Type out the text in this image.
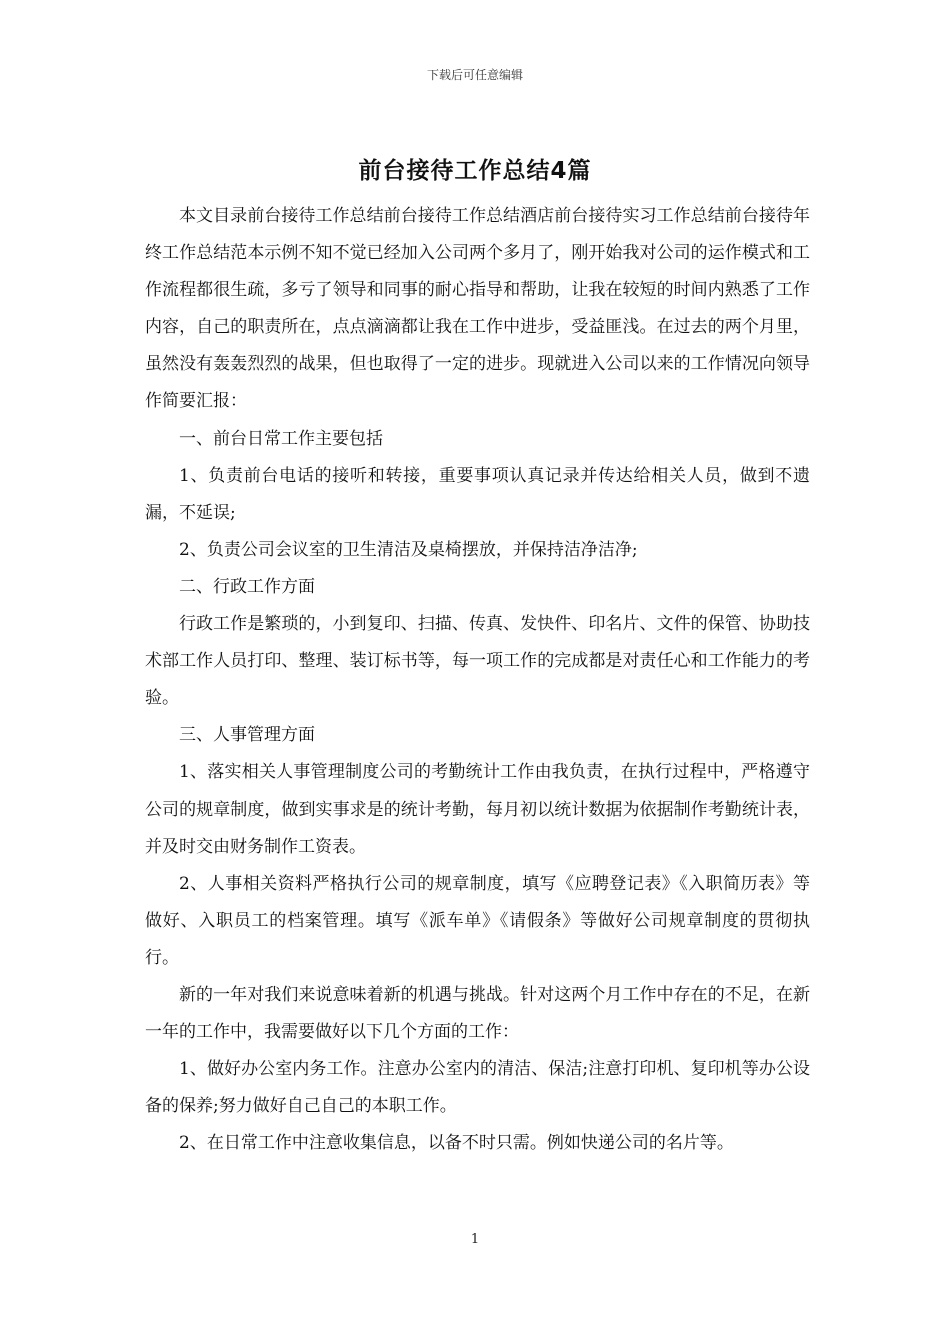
下载后可任意编辑
前台接待工作总结4篇

本文目录前台接待工作总结前台接待工作总结酒店前台接待实习工作总结前台接待年终工作总结范本示例不知不觉已经加入公司两个多月了，刚开始我对公司的运作模式和工作流程都很生疏，多亏了领导和同事的耐心指导和帮助，让我在较短的时间内熟悉了工作内容，自己的职责所在，点点滴滴都让我在工作中进步，受益匪浅。在过去的两个月里，虽然没有轰轰烈烈的战果，但也取得了一定的进步。现就进入公司以来的工作情况向领导作简要汇报：

一、前台日常工作主要包括

1、负责前台电话的接听和转接，重要事项认真记录并传达给相关人员，做到不遗漏，不延误;

2、负责公司会议室的卫生清洁及桌椅摆放，并保持洁净洁净;

二、行政工作方面

行政工作是繁琐的，小到复印、扫描、传真、发快件、印名片、文件的保管、协助技术部工作人员打印、整理、装订标书等，每一项工作的完成都是对责任心和工作能力的考验。

三、人事管理方面

1、落实相关人事管理制度公司的考勤统计工作由我负责，在执行过程中，严格遵守公司的规章制度，做到实事求是的统计考勤，每月初以统计数据为依据制作考勤统计表，并及时交由财务制作工资表。

2、人事相关资料严格执行公司的规章制度，填写《应聘登记表》《入职简历表》等做好、入职员工的档案管理。填写《派车单》《请假条》等做好公司规章制度的贯彻执行。

新的一年对我们来说意味着新的机遇与挑战。针对这两个月工作中存在的不足，在新一年的工作中，我需要做好以下几个方面的工作：

1、做好办公室内务工作。注意办公室内的清洁、保洁;注意打印机、复印机等办公设备的保养;努力做好自己自己的本职工作。

2、在日常工作中注意收集信息，以备不时只需。例如快递公司的名片等。

1
